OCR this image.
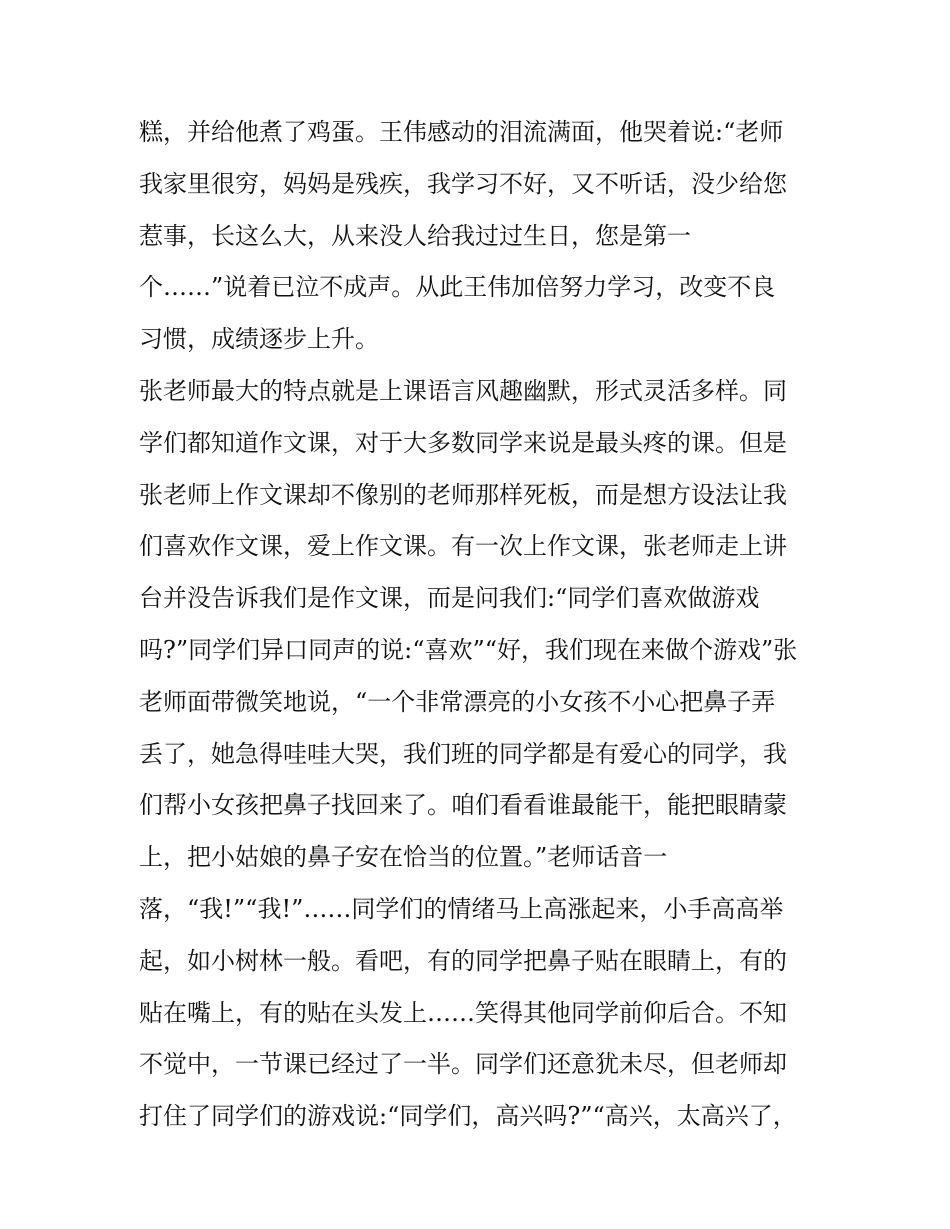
糕，并给他煮了鸡蛋。王伟感动的泪流满面，他哭着说:“老师
我家里很穷，妈妈是残疾，我学习不好，又不听话，没少给您
惹事，长这么大，从来没人给我过过生日，您是第一
个……”说着已泣不成声。从此王伟加倍努力学习，改变不良
习惯，成绩逐步上升。
张老师最大的特点就是上课语言风趣幽默，形式灵活多样。同
学们都知道作文课，对于大多数同学来说是最头疼的课。但是
张老师上作文课却不像别的老师那样死板，而是想方设法让我
们喜欢作文课，爱上作文课。有一次上作文课，张老师走上讲
台并没告诉我们是作文课，而是问我们:“同学们喜欢做游戏
吗?”同学们异口同声的说:“喜欢”“好，我们现在来做个游戏”张
老师面带微笑地说，“一个非常漂亮的小女孩不小心把鼻子弄
丢了，她急得哇哇大哭，我们班的同学都是有爱心的同学，我
们帮小女孩把鼻子找回来了。咱们看看谁最能干，能把眼睛蒙
上，把小姑娘的鼻子安在恰当的位置。”老师话音一
落，“我!”“我!”……同学们的情绪马上高涨起来，小手高高举
起，如小树林一般。看吧，有的同学把鼻子贴在眼睛上，有的
贴在嘴上，有的贴在头发上……笑得其他同学前仰后合。不知
不觉中，一节课已经过了一半。同学们还意犹未尽，但老师却
打住了同学们的游戏说:“同学们，高兴吗?”“高兴，太高兴了，
